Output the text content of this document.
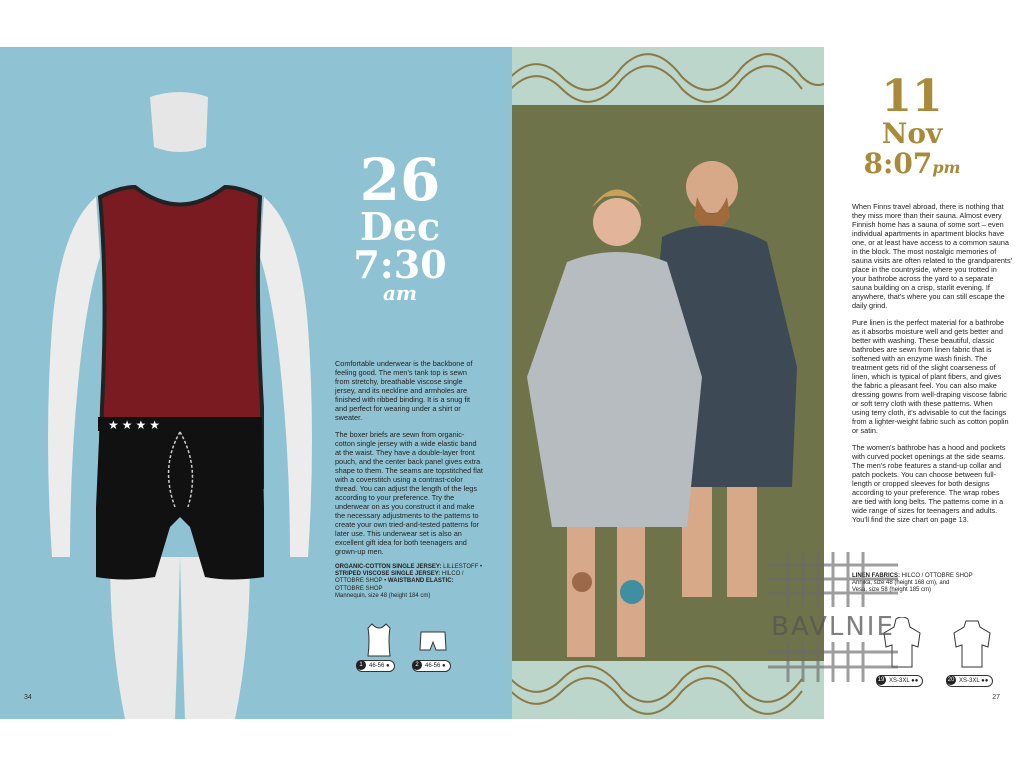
★ ★ ★ ★
26
Dec
7:30
am

Comfortable underwear is the backbone of feeling good. The men's tank top is sewn from stretchy, breathable viscose single jersey, and its neckline and armholes are finished with ribbed binding. It is a snug fit and perfect for wearing under a shirt or sweater.

The boxer briefs are sewn from organic-cotton single jersey with a wide elastic band at the waist. They have a double-layer front pouch, and the center back panel gives extra shape to them. The seams are topstitched flat with a coverstitch using a contrast-color thread. You can adjust the length of the legs according to your preference. Try the underwear on as you construct it and make the necessary adjustments to the patterns to create your own tried-and-tested patterns for later use. This underwear set is also an excellent gift idea for both teenagers and grown-up men.

ORGANIC-COTTON SINGLE JERSEY: LILLESTOFF •
STRIPED VISCOSE SINGLE JERSEY: HILCO / OTTOBRE SHOP • WAISTBAND ELASTIC: OTTOBRE SHOP
Mannequin, size 48 (height 184 cm)
1	46-56 ●	2	46-56 ●
34
11
Nov
8:07pm

When Finns travel abroad, there is nothing that they miss more than their sauna. Almost every Finnish home has a sauna of some sort – even individual apartments in apartment blocks have one, or at least have access to a common sauna in the block. The most nostalgic memories of sauna visits are often related to the grandparents' place in the countryside, where you trotted in your bathrobe across the yard to a separate sauna building on a crisp, starlit evening. If anywhere, that's where you can still escape the daily grind.

Pure linen is the perfect material for a bathrobe as it absorbs moisture well and gets better and better with washing. These beautiful, classic bathrobes are sewn from linen fabric that is softened with an enzyme wash finish. The treatment gets rid of the slight coarseness of linen, which is typical of plant fibers, and gives the fabric a pleasant feel. You can also make dressing gowns from well-draping viscose fabric or soft terry cloth with these patterns. When using terry cloth, it's advisable to cut the facings from a lighter-weight fabric such as cotton poplin or satin.

The women's bathrobe has a hood and pockets with curved pocket openings at the side seams. The men's robe features a stand-up collar and patch pockets. You can choose between full-length or cropped sleeves for both designs according to your preference. The wrap robes are tied with long belts. The patterns come in a wide range of sizes for teenagers and adults. You'll find the size chart on page 13.

LINEN FABRICS: HILCO / OTTOBRE SHOP
Annika, size 48 (height 168 cm), and
Vesa, size 58 (height 185 cm)
19 XS-3XL ●●	20 XS-3XL ●●
BAVLNIE
27
